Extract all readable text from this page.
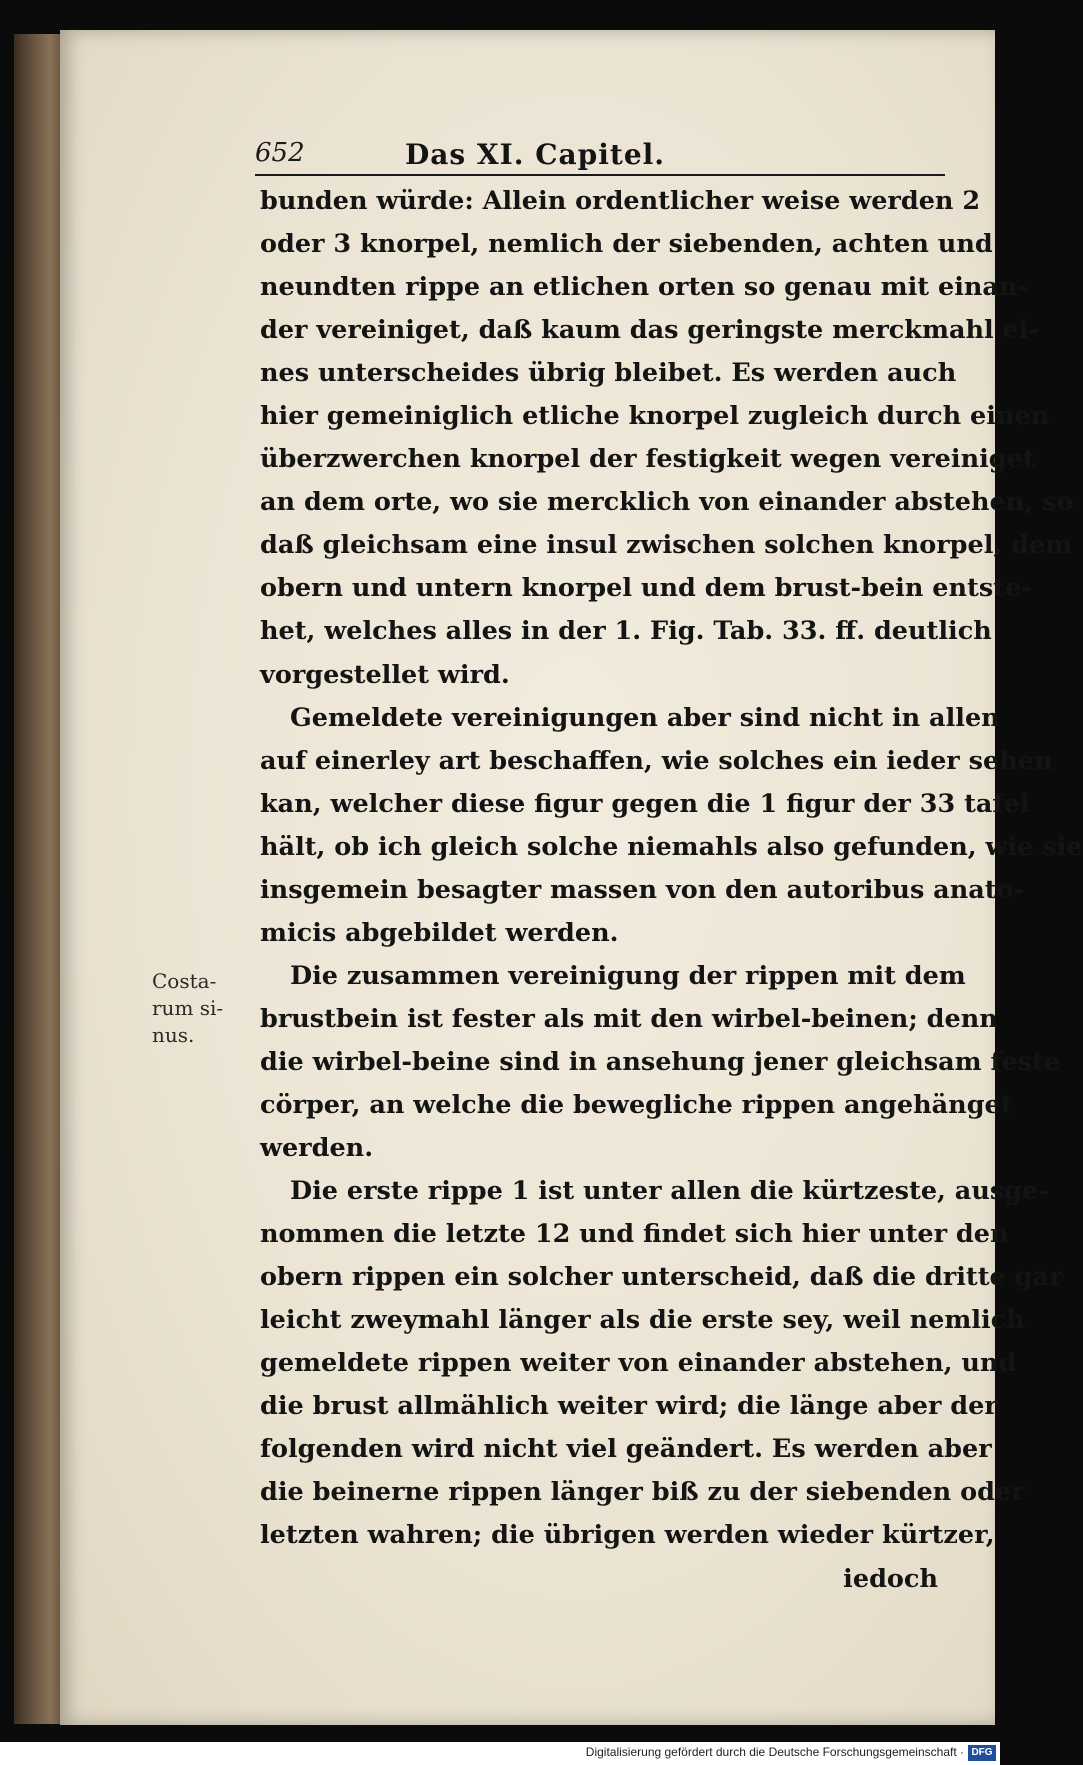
652	Das XI. Capitel.
Costa-
rum si-
nus.
bunden würde: Allein ordentlicher weise werden 2
oder 3 knorpel, nemlich der siebenden, achten und
neundten rippe an etlichen orten so genau mit einan-
der vereiniget, daß kaum das geringste merckmahl ei-
nes unterscheides übrig bleibet. Es werden auch
hier gemeiniglich etliche knorpel zugleich durch einen
überzwerchen knorpel der festigkeit wegen vereiniget
an dem orte, wo sie mercklich von einander abstehen, so
daß gleichsam eine insul zwischen solchen knorpel, dem
obern und untern knorpel und dem brust-bein entste-
het, welches alles in der 1. Fig. Tab. 33. ff. deutlich
vorgestellet wird.
Gemeldete vereinigungen aber sind nicht in allen
auf einerley art beschaffen, wie solches ein ieder sehen
kan, welcher diese figur gegen die 1 figur der 33 tafel
hält, ob ich gleich solche niemahls also gefunden, wie sie
insgemein besagter massen von den autoribus anato-
micis abgebildet werden.
Die zusammen vereinigung der rippen mit dem
brustbein ist fester als mit den wirbel-beinen; denn
die wirbel-beine sind in ansehung jener gleichsam feste
cörper, an welche die bewegliche rippen angehänget
werden.
Die erste rippe 1 ist unter allen die kürtzeste, ausge-
nommen die letzte 12 und findet sich hier unter den
obern rippen ein solcher unterscheid, daß die dritte gar
leicht zweymahl länger als die erste sey, weil nemlich
gemeldete rippen weiter von einander abstehen, und
die brust allmählich weiter wird; die länge aber der
folgenden wird nicht viel geändert. Es werden aber
die beinerne rippen länger biß zu der siebenden oder
letzten wahren; die übrigen werden wieder kürtzer,
iedoch
Digitalisierung gefördert durch die Deutsche Forschungsgemeinschaft · DFG
